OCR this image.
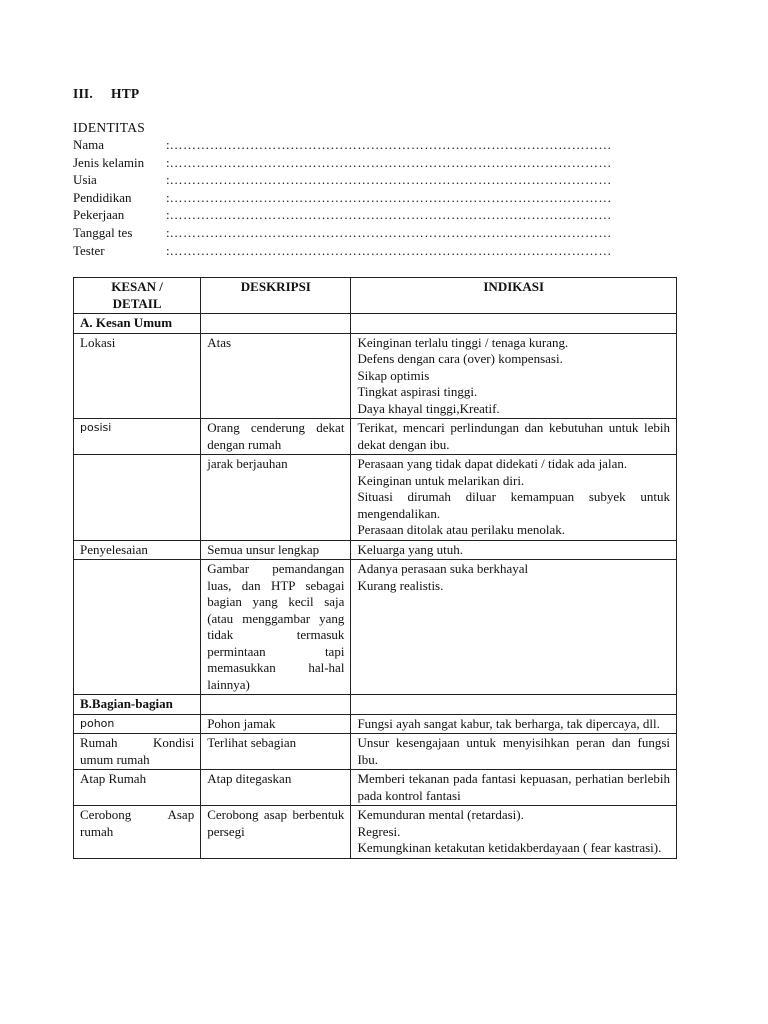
III. HTP
IDENTITAS
Nama	: ………………………………………………………………………………………
Jenis kelamin	: ………………………………………………………………………………………
Usia	: ………………………………………………………………………………………
Pendidikan	: ………………………………………………………………………………………
Pekerjaan	: ………………………………………………………………………………………
Tanggal tes	: ………………………………………………………………………………………
Tester	: ………………………………………………………………………………………
KESAN / DETAIL	DESKRIPSI	INDIKASI
A. Kesan Umum		
Lokasi	Atas	Keinginan terlalu tinggi / tenaga kurang.
Defens dengan cara (over) kompensasi.
Sikap optimis
Tingkat aspirasi tinggi.
Daya khayal tinggi,Kreatif.

posisi	Orang cenderung dekat dengan rumah	Terikat, mencari perlindungan dan kebutuhan untuk lebih dekat dengan ibu.

	jarak berjauhan	Perasaan yang tidak dapat didekati / tidak ada jalan.
Keinginan untuk melarikan diri.
Situasi dirumah diluar kemampuan subyek untuk mengendalikan.
Perasaan ditolak atau perilaku menolak.

Penyelesaian	Semua unsur lengkap	Keluarga yang utuh.

	Gambar pemandangan luas, dan HTP sebagai bagian yang kecil saja (atau menggambar yang tidak termasuk permintaan tapi memasukkan hal-hal lainnya)	Adanya perasaan suka berkhayal
Kurang realistis.

B.Bagian-bagian		
pohon	Pohon jamak	Fungsi ayah sangat kabur, tak berharga, tak dipercaya, dll.

Rumah Kondisi umum rumah	Terlihat sebagian	Unsur kesengajaan untuk menyisihkan peran dan fungsi Ibu.

Atap Rumah	Atap ditegaskan	Memberi tekanan pada fantasi kepuasan, perhatian berlebih pada kontrol fantasi

Cerobong Asap rumah	Cerobong asap berbentuk persegi	Kemunduran mental (retardasi).
Regresi.
Kemungkinan ketakutan ketidakberdayaan ( fear kastrasi).
